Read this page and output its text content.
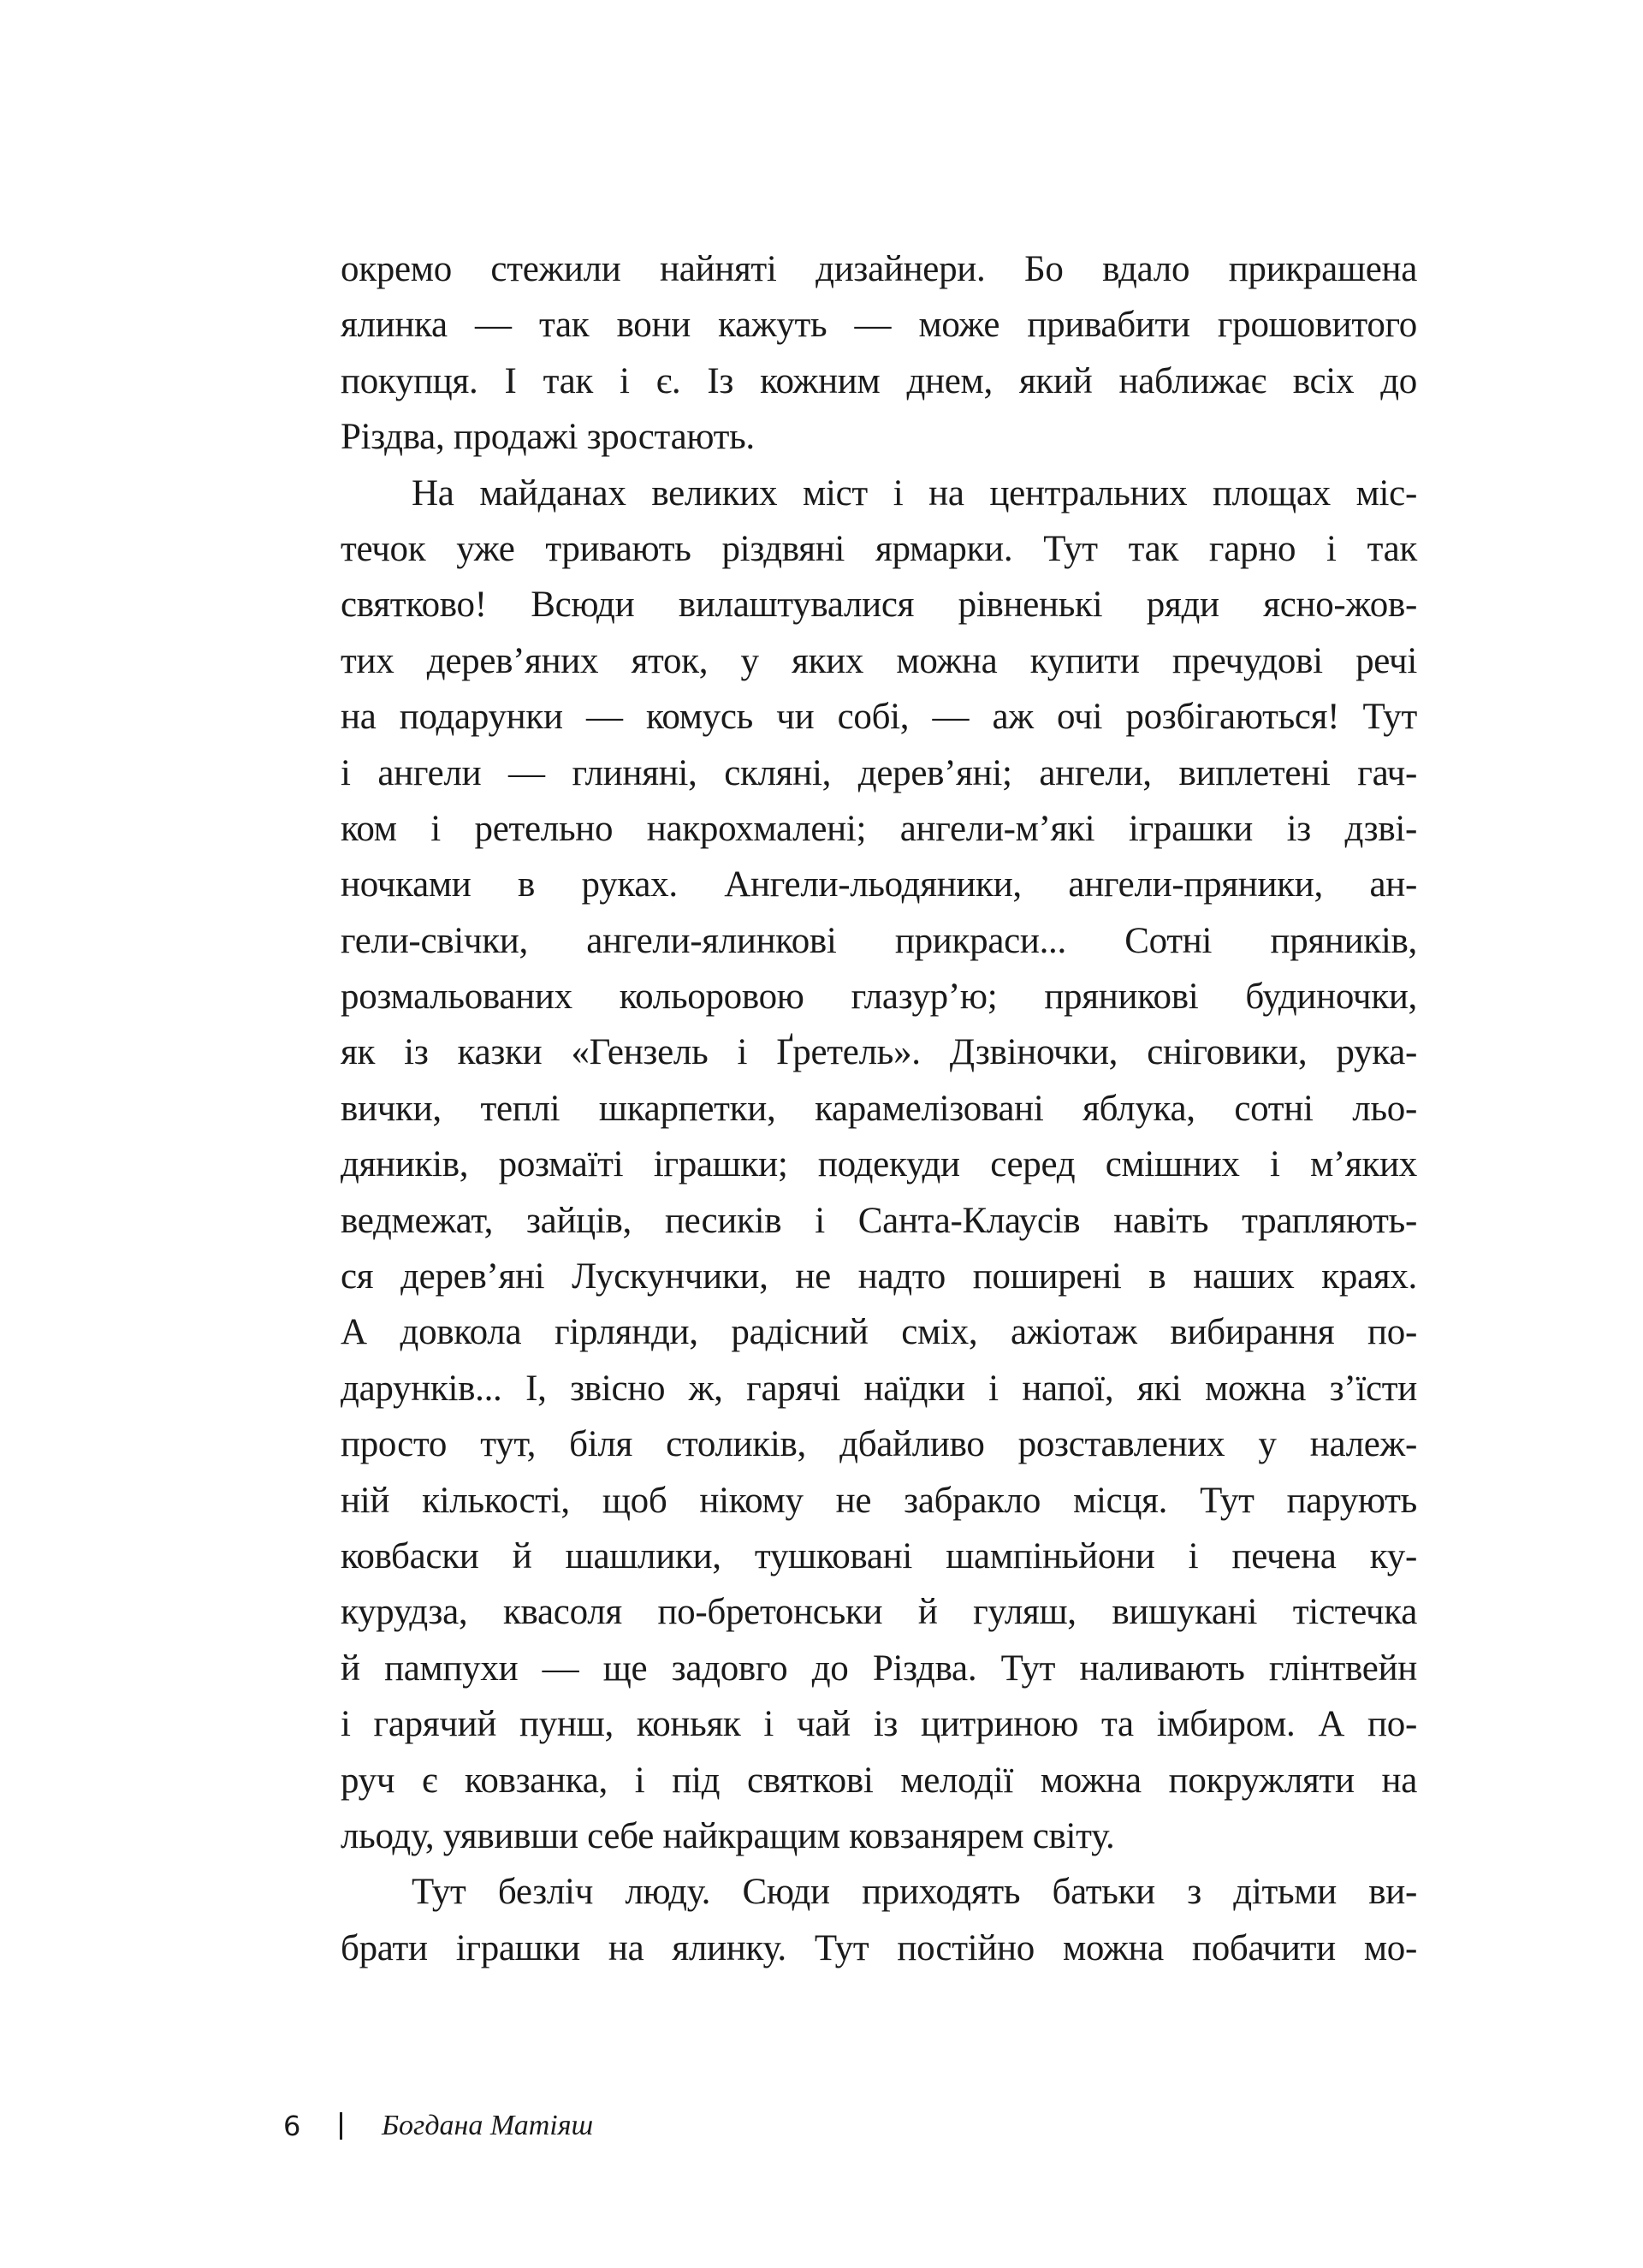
окремо стежили найняті дизайнери. Бо вдало прикрашена
ялинка — так вони кажуть — може привабити грошовитого
покупця. І так і є. Із кожним днем, який наближає всіх до
Різдва, продажі зростають.

На майданах великих міст і на центральних площах міс-
течок уже тривають різдвяні ярмарки. Тут так гарно і так
святково! Всюди вилаштувалися рівненькі ряди ясно-жов-
тих дерев’яних яток, у яких можна купити пречудові речі
на подарунки — комусь чи собі, — аж очі розбігаються! Тут
і ангели — глиняні, скляні, дерев’яні; ангели, виплетені гач-
ком і ретельно накрохмалені; ангели-м’які іграшки із дзві-
ночками в руках. Ангели-льодяники, ангели-пряники, ан-
гели-свічки, ангели-ялинкові прикраси... Сотні пряників,
розмальованих кольоровою глазур’ю; пряникові будиночки,
як із казки «Гензель і Ґретель». Дзвіночки, сніговики, рука-
вички, теплі шкарпетки, карамелізовані яблука, сотні льо-
дяників, розмаїті іграшки; подекуди серед смішних і м’яких
ведмежат, зайців, песиків і Санта-Клаусів навіть трапляють-
ся дерев’яні Лускунчики, не надто поширені в наших краях.
А довкола гірлянди, радісний сміх, ажіотаж вибирання по-
дарунків... І, звісно ж, гарячі наїдки і напої, які можна з’їсти
просто тут, біля столиків, дбайливо розставлених у належ-
ній кількості, щоб нікому не забракло місця. Тут парують
ковбаски й шашлики, тушковані шампіньйони і печена ку-
курудза, квасоля по-бретонськи й гуляш, вишукані тістечка
й пампухи — ще задовго до Різдва. Тут наливають глінтвейн
і гарячий пунш, коньяк і чай із цитриною та імбиром. А по-
руч є ковзанка, і під святкові мелодії можна покружляти на
льоду, уявивши себе найкращим ковзанярем світу.

Тут безліч люду. Сюди приходять батьки з дітьми ви-
брати іграшки на ялинку. Тут постійно можна побачити мо-

6	Богдана Матіяш
